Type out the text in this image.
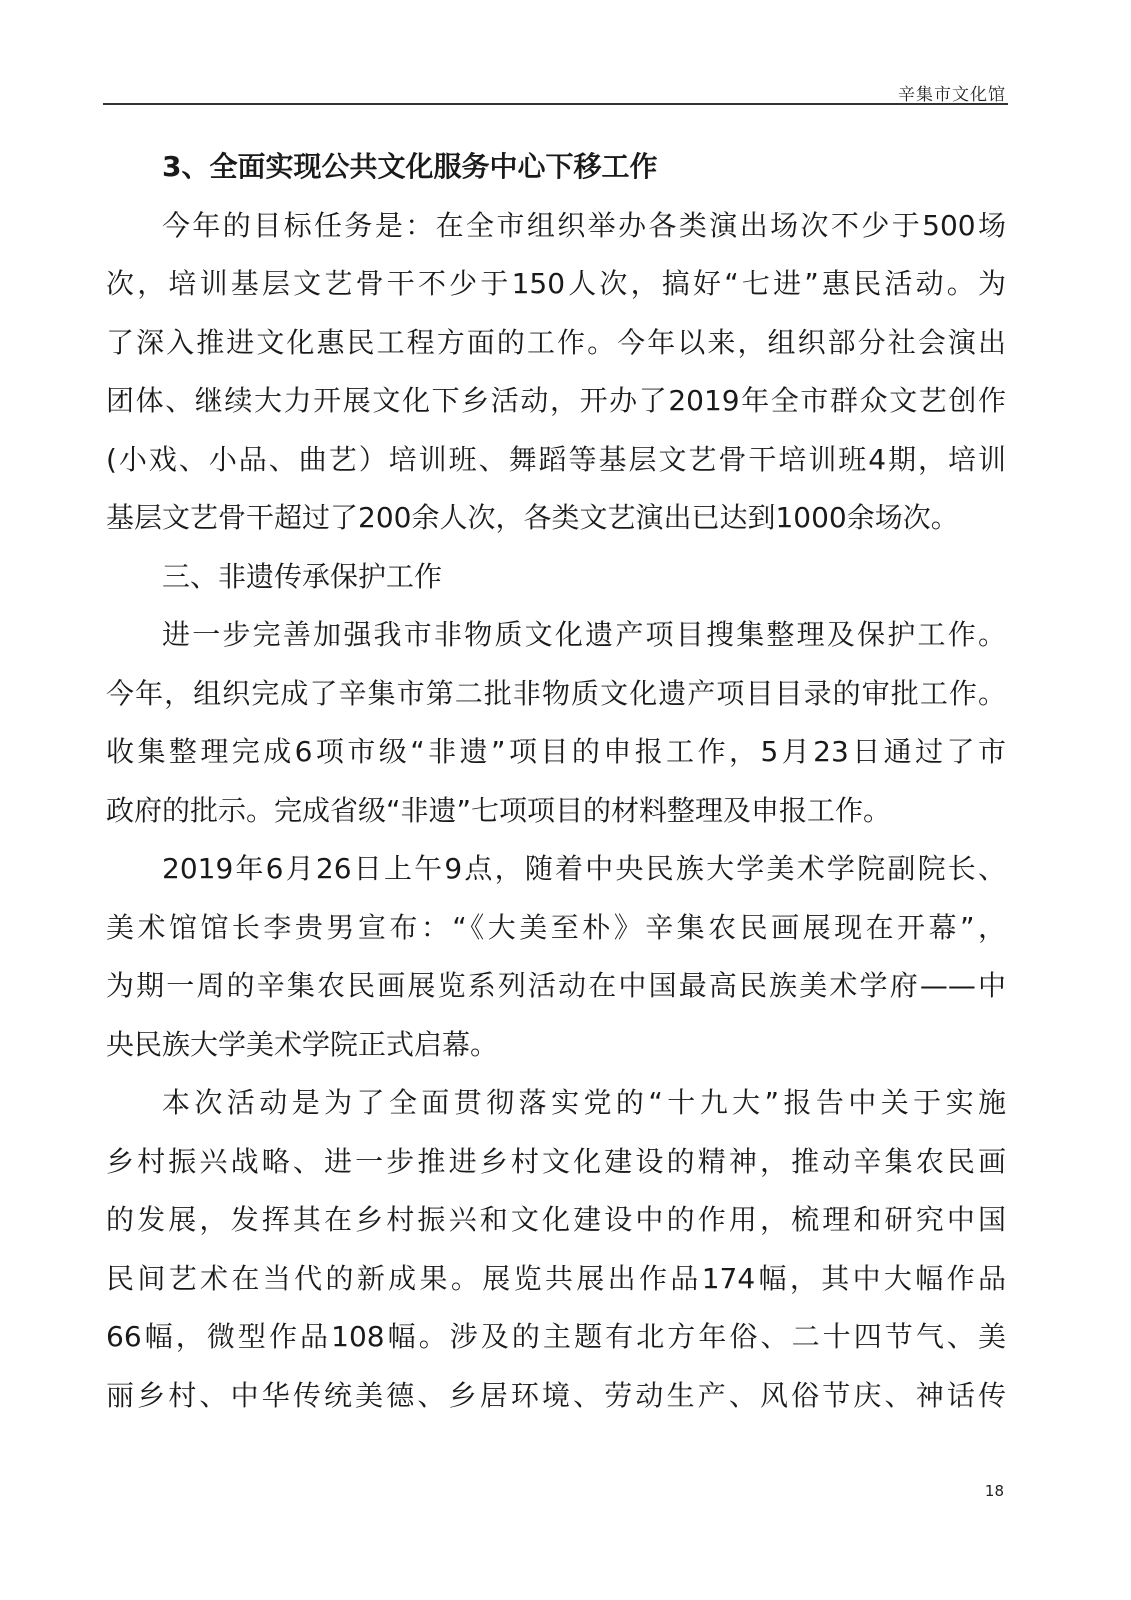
辛集市文化馆
3、全面实现公共文化服务中心下移工作
今年的目标任务是：在全市组织举办各类演出场次不少于500场
次，培训基层文艺骨干不少于150人次，搞好“七进”惠民活动。为
了深入推进文化惠民工程方面的工作。今年以来，组织部分社会演出
团体、继续大力开展文化下乡活动，开办了2019年全市群众文艺创作
(小戏、小品、曲艺）培训班、舞蹈等基层文艺骨干培训班4期，培训
基层文艺骨干超过了200余人次，各类文艺演出已达到1000余场次。
三、非遗传承保护工作
进一步完善加强我市非物质文化遗产项目搜集整理及保护工作。
今年，组织完成了辛集市第二批非物质文化遗产项目目录的审批工作。
收集整理完成6项市级“非遗”项目的申报工作，5月23日通过了市
政府的批示。完成省级“非遗”七项项目的材料整理及申报工作。
2019年6月26日上午9点，随着中央民族大学美术学院副院长、
美术馆馆长李贵男宣布：“《大美至朴》辛集农民画展现在开幕”，
为期一周的辛集农民画展览系列活动在中国最高民族美术学府——中
央民族大学美术学院正式启幕。
本次活动是为了全面贯彻落实党的“十九大”报告中关于实施
乡村振兴战略、进一步推进乡村文化建设的精神，推动辛集农民画
的发展，发挥其在乡村振兴和文化建设中的作用，梳理和研究中国
民间艺术在当代的新成果。展览共展出作品174幅，其中大幅作品
66幅，微型作品108幅。涉及的主题有北方年俗、二十四节气、美
丽乡村、中华传统美德、乡居环境、劳动生产、风俗节庆、神话传
18
